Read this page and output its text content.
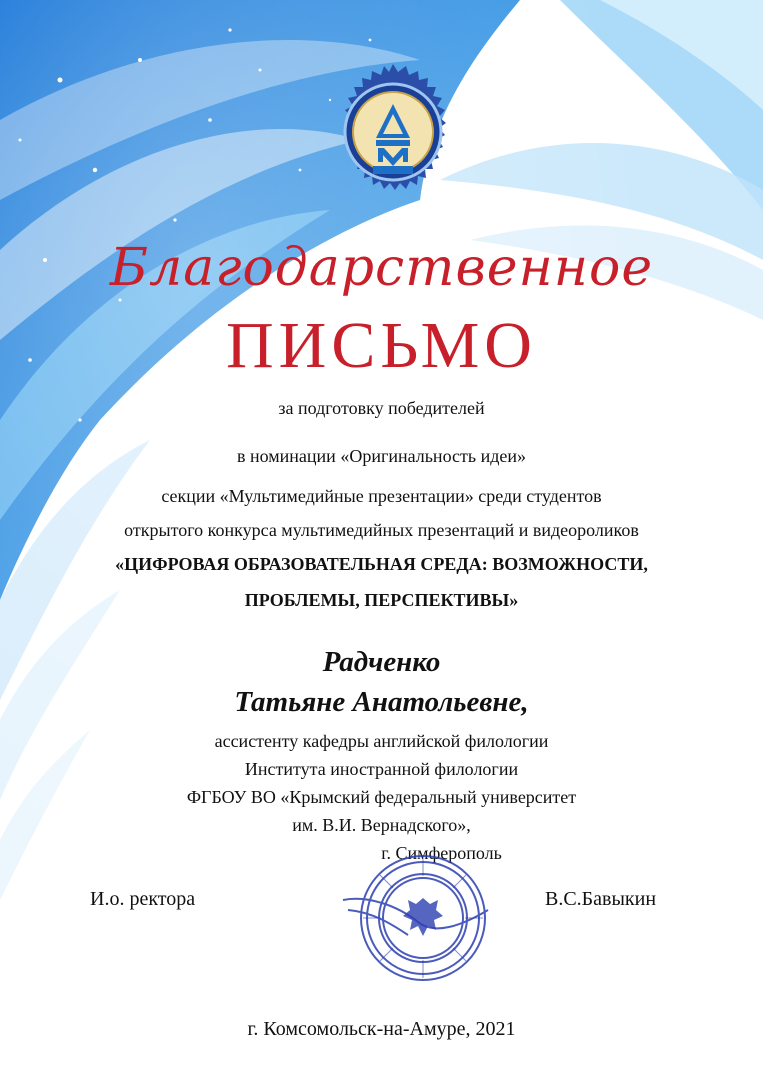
Благодарственное
ПИСЬМО
за подготовку победителей
в номинации «Оригинальность идеи»
секции «Мультимедийные презентации» среди студентов
открытого конкурса мультимедийных презентаций и видеороликов
«ЦИФРОВАЯ ОБРАЗОВАТЕЛЬНАЯ СРЕДА: ВОЗМОЖНОСТИ,
ПРОБЛЕМЫ, ПЕРСПЕКТИВЫ»
Радченко
Татьяне Анатольевне,
ассистенту кафедры английской филологии
Института иностранной филологии
ФГБОУ ВО «Крымский федеральный университет
им. В.И. Вернадского»,
г. Симферополь
И.о. ректора	В.С.Бавыкин
г. Комсомольск-на-Амуре, 2021
